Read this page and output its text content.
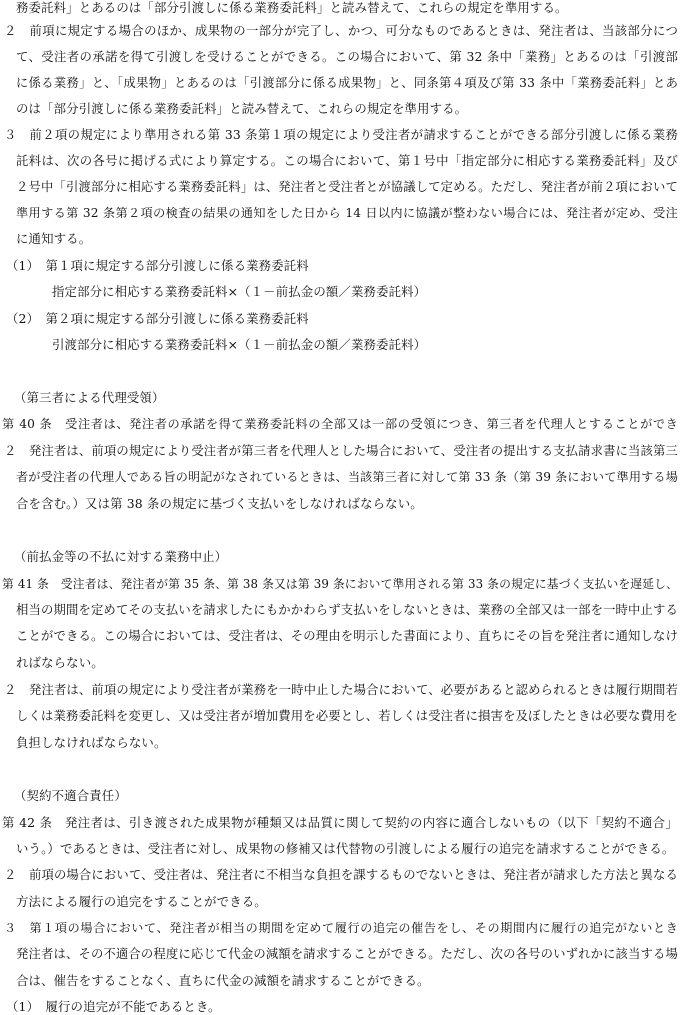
務委託料」とあるのは「部分引渡しに係る業務委託料」と読み替えて、これらの規定を準用する。
２　前項に規定する場合のほか、成果物の一部分が完了し、かつ、可分なものであるときは、発注者は、当該部分につ
て、受注者の承諾を得て引渡しを受けることができる。この場合において、第 32 条中「業務」とあるのは「引渡部
に係る業務」と、「成果物」とあるのは「引渡部分に係る成果物」と、同条第４項及び第 33 条中「業務委託料」とあ
のは「部分引渡しに係る業務委託料」と読み替えて、これらの規定を準用する。
３　前２項の規定により準用される第 33 条第１項の規定により受注者が請求することができる部分引渡しに係る業務
託料は、次の各号に掲げる式により算定する。この場合において、第１号中「指定部分に相応する業務委託料」及び
２号中「引渡部分に相応する業務委託料」は、発注者と受注者とが協議して定める。ただし、発注者が前２項において
準用する第 32 条第２項の検査の結果の通知をした日から 14 日以内に協議が整わない場合には、発注者が定め、受注
に通知する。
（1）　第１項に規定する部分引渡しに係る業務委託料
指定部分に相応する業務委託料×（１－前払金の額／業務委託料）
（2）　第２項に規定する部分引渡しに係る業務委託料
引渡部分に相応する業務委託料×（１－前払金の額／業務委託料）
（第三者による代理受領）
第 40 条　受注者は、発注者の承諾を得て業務委託料の全部又は一部の受領につき、第三者を代理人とすることができ
２　発注者は、前項の規定により受注者が第三者を代理人とした場合において、受注者の提出する支払請求書に当該第三
者が受注者の代理人である旨の明記がなされているときは、当該第三者に対して第 33 条（第 39 条において準用する場
合を含む。）又は第 38 条の規定に基づく支払いをしなければならない。
（前払金等の不払に対する業務中止）
第 41 条　受注者は、発注者が第 35 条、第 38 条又は第 39 条において準用される第 33 条の規定に基づく支払いを遅延し、
相当の期間を定めてその支払いを請求したにもかかわらず支払いをしないときは、業務の全部又は一部を一時中止する
ことができる。この場合においては、受注者は、その理由を明示した書面により、直ちにその旨を発注者に通知しなけ
ればならない。
２　発注者は、前項の規定により受注者が業務を一時中止した場合において、必要があると認められるときは履行期間若
しくは業務委託料を変更し、又は受注者が増加費用を必要とし、若しくは受注者に損害を及ぼしたときは必要な費用を
負担しなければならない。
（契約不適合責任）
第 42 条　発注者は、引き渡された成果物が種類又は品質に関して契約の内容に適合しないもの（以下「契約不適合」
いう。）であるときは、受注者に対し、成果物の修補又は代替物の引渡しによる履行の追完を請求することができる。
２　前項の場合において、受注者は、発注者に不相当な負担を課するものでないときは、発注者が請求した方法と異なる
方法による履行の追完をすることができる。
３　第１項の場合において、発注者が相当の期間を定めて履行の追完の催告をし、その期間内に履行の追完がないとき
発注者は、その不適合の程度に応じて代金の減額を請求することができる。ただし、次の各号のいずれかに該当する場
合は、催告をすることなく、直ちに代金の減額を請求することができる。
（1）　履行の追完が不能であるとき。
